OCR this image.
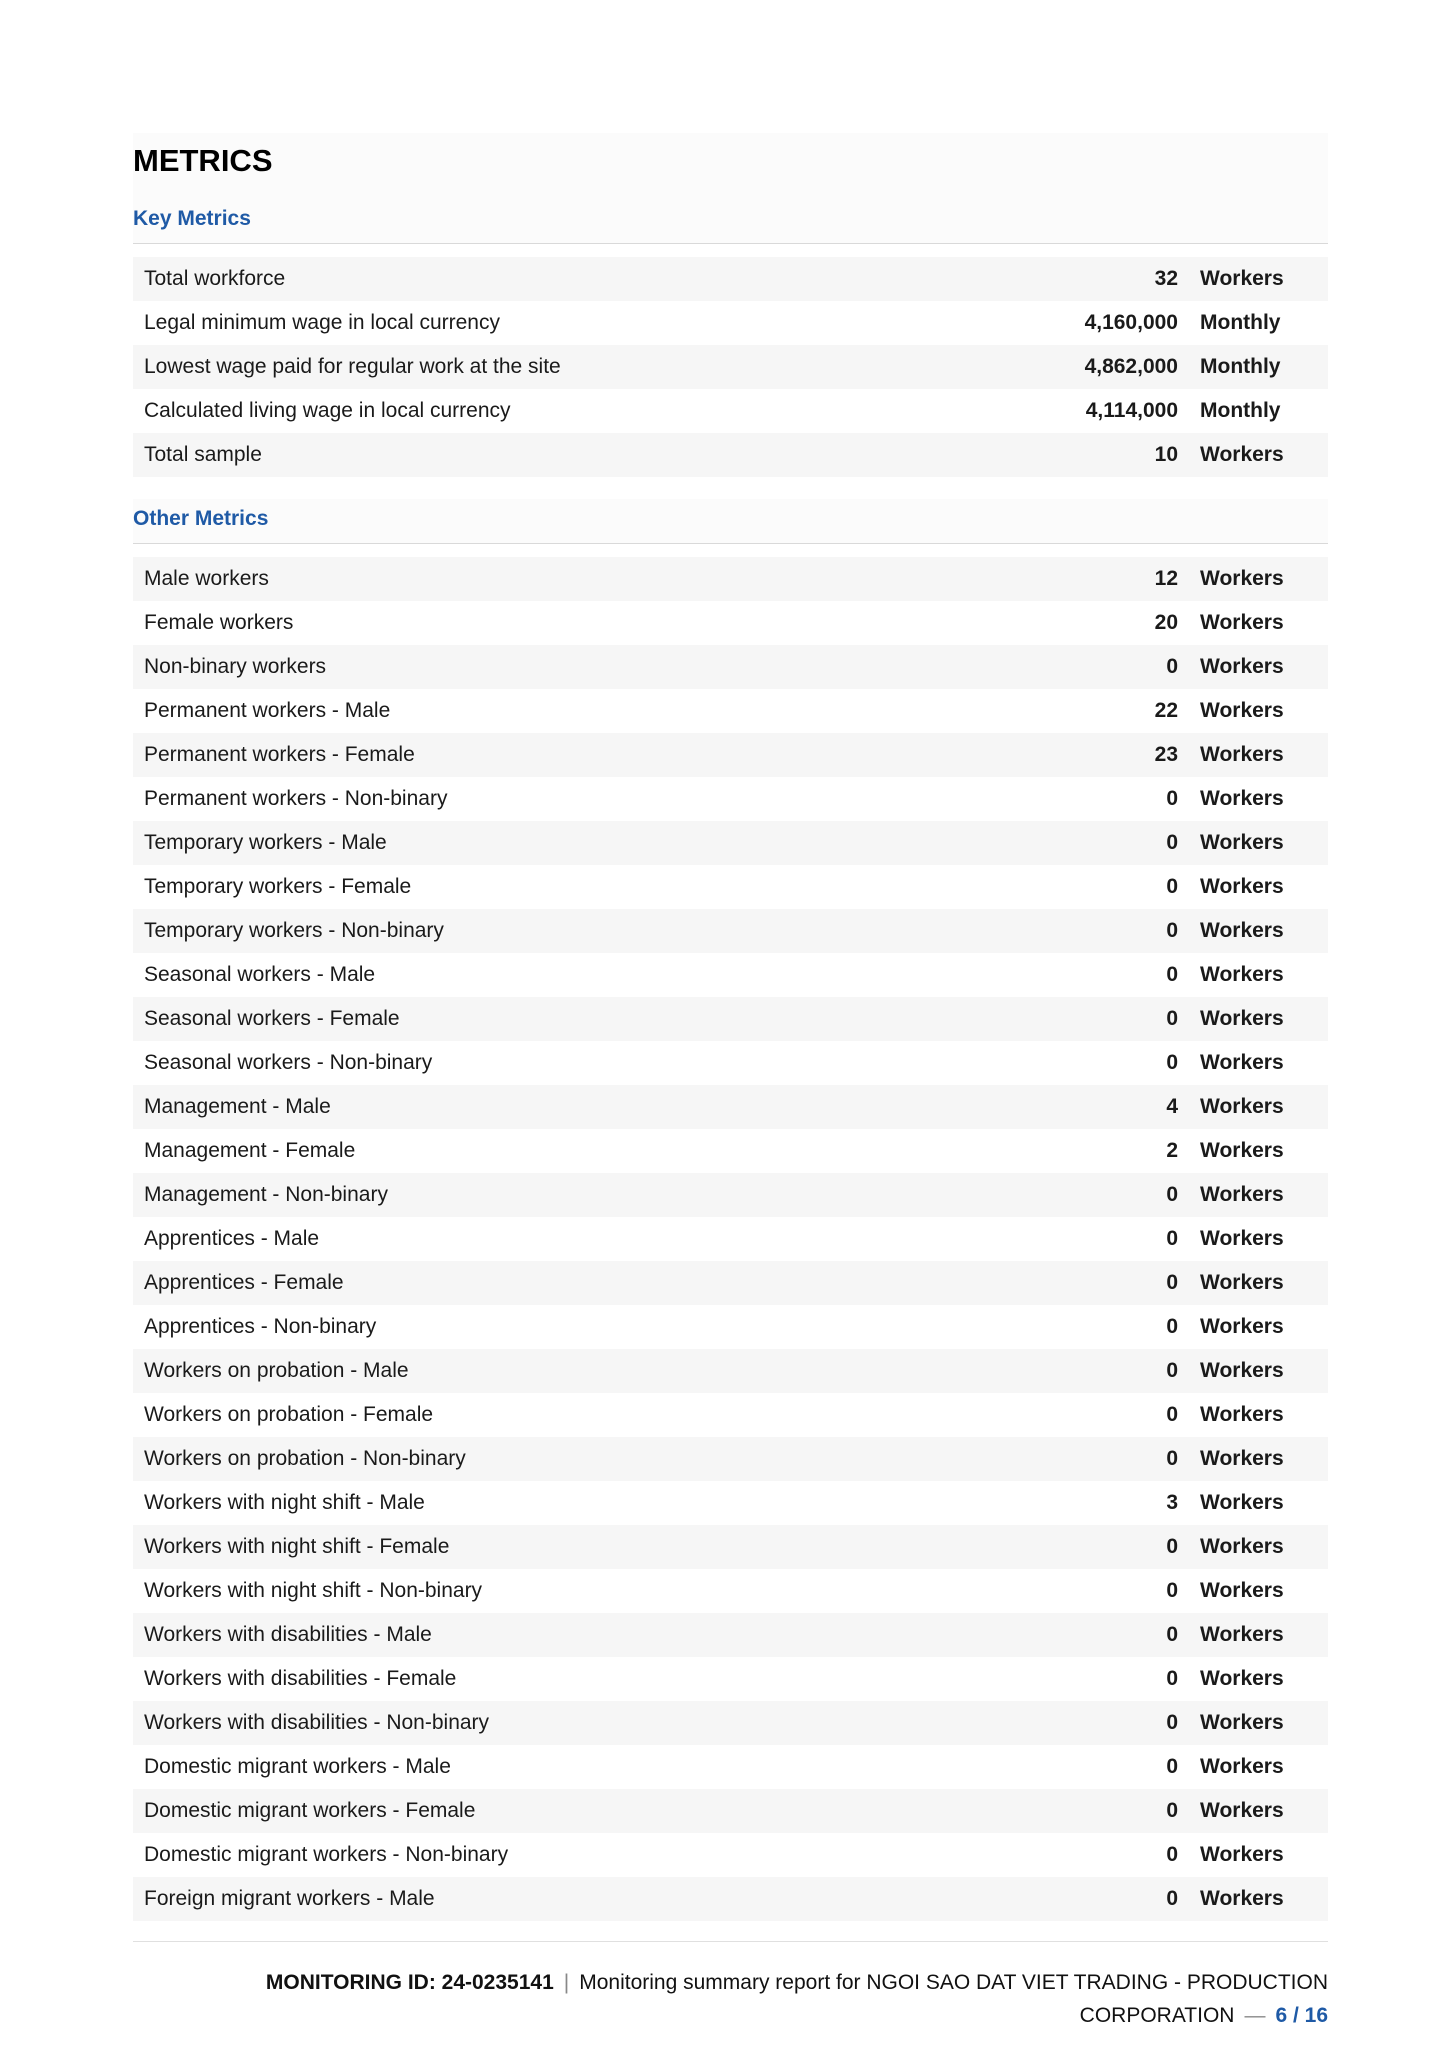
METRICS
Key Metrics
Total workforce	32	Workers
Legal minimum wage in local currency	4,160,000	Monthly
Lowest wage paid for regular work at the site	4,862,000	Monthly
Calculated living wage in local currency	4,114,000	Monthly
Total sample	10	Workers
Other Metrics
Male workers	12	Workers
Female workers	20	Workers
Non-binary workers	0	Workers
Permanent workers - Male	22	Workers
Permanent workers - Female	23	Workers
Permanent workers - Non-binary	0	Workers
Temporary workers - Male	0	Workers
Temporary workers - Female	0	Workers
Temporary workers - Non-binary	0	Workers
Seasonal workers - Male	0	Workers
Seasonal workers - Female	0	Workers
Seasonal workers - Non-binary	0	Workers
Management - Male	4	Workers
Management - Female	2	Workers
Management - Non-binary	0	Workers
Apprentices - Male	0	Workers
Apprentices - Female	0	Workers
Apprentices - Non-binary	0	Workers
Workers on probation - Male	0	Workers
Workers on probation - Female	0	Workers
Workers on probation - Non-binary	0	Workers
Workers with night shift - Male	3	Workers
Workers with night shift - Female	0	Workers
Workers with night shift - Non-binary	0	Workers
Workers with disabilities - Male	0	Workers
Workers with disabilities - Female	0	Workers
Workers with disabilities - Non-binary	0	Workers
Domestic migrant workers - Male	0	Workers
Domestic migrant workers - Female	0	Workers
Domestic migrant workers - Non-binary	0	Workers
Foreign migrant workers - Male	0	Workers
MONITORING ID: 24-0235141 | Monitoring summary report for NGOI SAO DAT VIET TRADING - PRODUCTION
CORPORATION — 6 / 16
